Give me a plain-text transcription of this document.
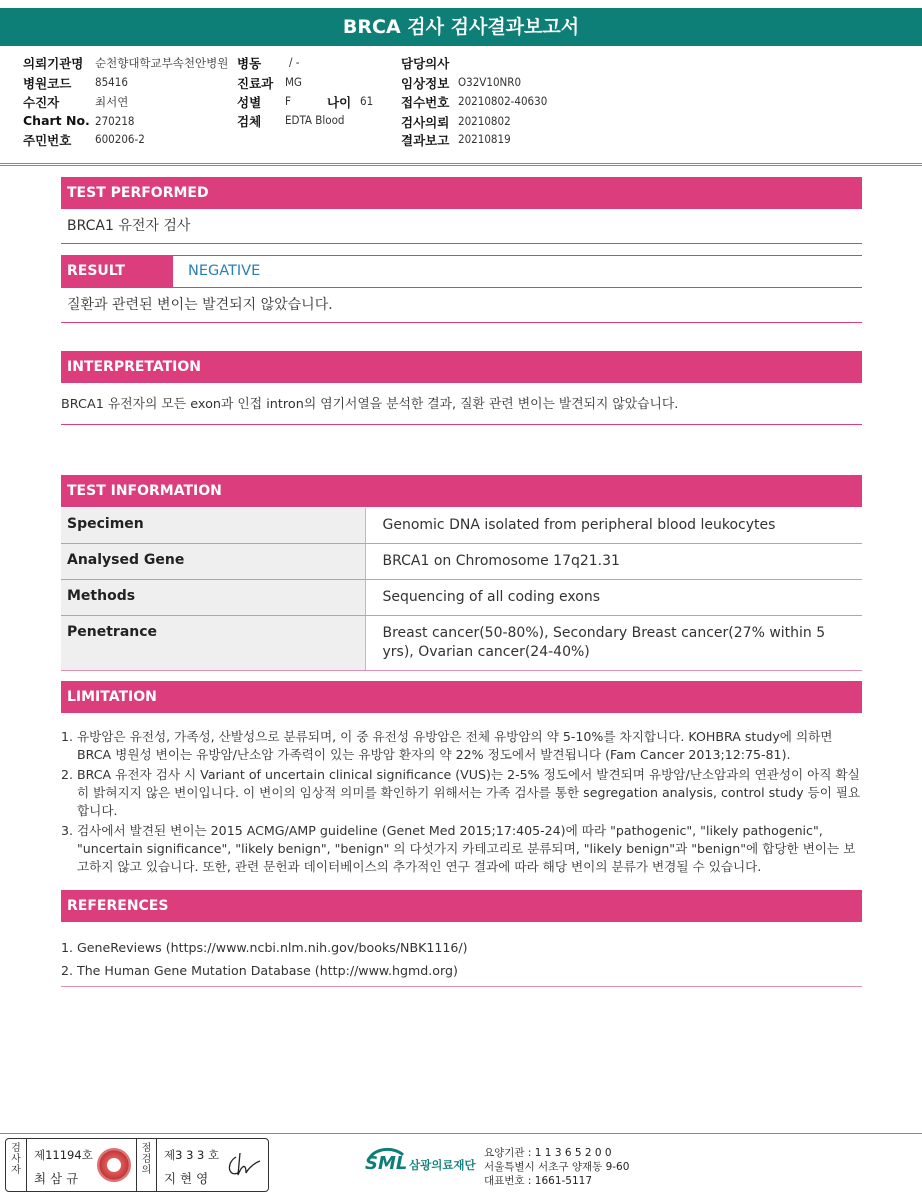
BRCA 검사 검사결과보고서
의뢰기관명 순천향대학교부속천안병원 병동 / -	담당의사
병원코드 85416	진료과 MG	임상정보 O32V10NR0
수진자	최서연	성별 F	나이 61 접수번호 20210802-40630
Chart No. 270218	검체 EDTA Blood	검사의뢰 20210802
주민번호 600206-2	결과보고 20210819
TEST PERFORMED
BRCA1 유전자 검사
RESULT	NEGATIVE
질환과 관련된 변이는 발견되지 않았습니다.
INTERPRETATION
BRCA1 유전자의 모든 exon과 인접 intron의 염기서열을 분석한 결과, 질환 관련 변이는 발견되지 않았습니다.
TEST INFORMATION
Specimen	Genomic DNA isolated from peripheral blood leukocytes
Analysed Gene	BRCA1 on Chromosome 17q21.31
Methods	Sequencing of all coding exons
Penetrance	Breast cancer(50-80%), Secondary Breast cancer(27% within 5 yrs), Ovarian cancer(24-40%)
LIMITATION
1. 유방암은 유전성, 가족성, 산발성으로 분류되며, 이 중 유전성 유방암은 전체 유방암의 약 5-10%를 차지합니다. KOHBRA study에 의하면 BRCA 병원성 변이는 유방암/난소암 가족력이 있는 유방암 환자의 약 22% 정도에서 발견됩니다 (Fam Cancer 2013;12:75-81).
2. BRCA 유전자 검사 시 Variant of uncertain clinical significance (VUS)는 2-5% 정도에서 발견되며 유방암/난소암과의 연관성이 아직 확실히 밝혀지지 않은 변이입니다. 이 변이의 임상적 의미를 확인하기 위해서는 가족 검사를 통한 segregation analysis, control study 등이 필요합니다.
3. 검사에서 발견된 변이는 2015 ACMG/AMP guideline (Genet Med 2015;17:405-24)에 따라 "pathogenic", "likely pathogenic", "uncertain significance", "likely benign", "benign" 의 다섯가지 카테고리로 분류되며, "likely benign"과 "benign"에 합당한 변이는 보고하지 않고 있습니다. 또한, 관련 문헌과 데이터베이스의 추가적인 연구 결과에 따라 해당 변이의 분류가 변경될 수 있습니다.
REFERENCES
1. GeneReviews (https://www.ncbi.nlm.nih.gov/books/NBK1116/)
2. The Human Gene Mutation Database (http://www.hgmd.org)
검사자
제11194호
최 삼 규
점검의
제3 3 3 호
지 현 영
SML 삼광의료재단
요양기관 : 1 1 3 6 5 2 0 0
서울특별시 서초구 양재동 9-60
대표번호 : 1661-5117
